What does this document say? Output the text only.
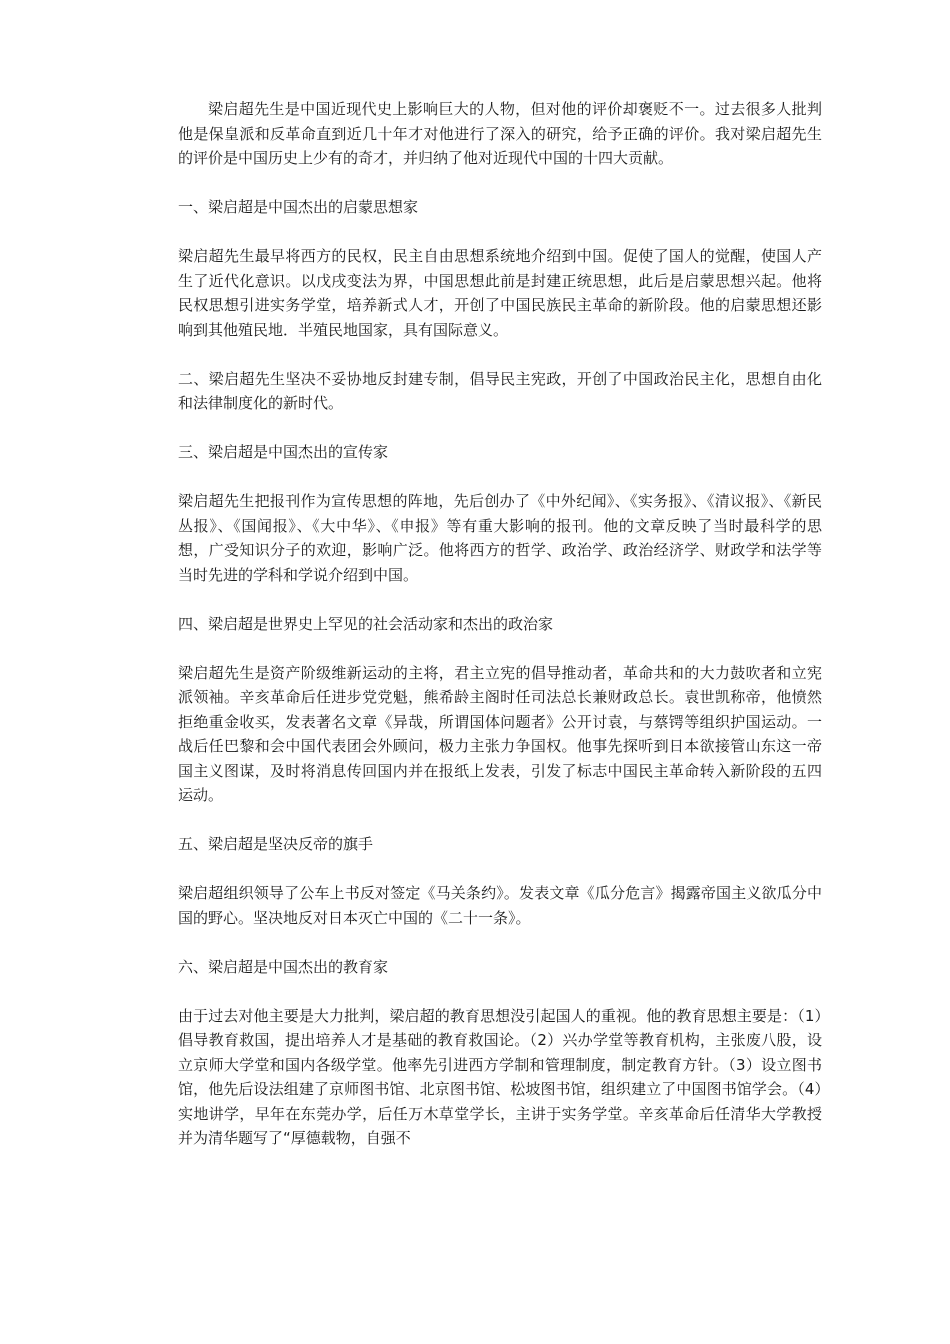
梁启超先生是中国近现代史上影响巨大的人物，但对他的评价却褒贬不一。过去很多人批判他是保皇派和反革命直到近几十年才对他进行了深入的研究，给予正确的评价。我对梁启超先生的评价是中国历史上少有的奇才，并归纳了他对近现代中国的十四大贡献。

一、梁启超是中国杰出的启蒙思想家

梁启超先生最早将西方的民权，民主自由思想系统地介绍到中国。促使了国人的觉醒，使国人产生了近代化意识。以戊戌变法为界，中国思想此前是封建正统思想，此后是启蒙思想兴起。他将民权思想引进实务学堂，培养新式人才，开创了中国民族民主革命的新阶段。他的启蒙思想还影响到其他殖民地．半殖民地国家，具有国际意义。

二、梁启超先生坚决不妥协地反封建专制，倡导民主宪政，开创了中国政治民主化，思想自由化和法律制度化的新时代。

三、梁启超是中国杰出的宣传家

梁启超先生把报刊作为宣传思想的阵地，先后创办了《中外纪闻》、《实务报》、《清议报》、《新民丛报》、《国闻报》、《大中华》、《申报》等有重大影响的报刊。他的文章反映了当时最科学的思想，广受知识分子的欢迎，影响广泛。他将西方的哲学、政治学、政治经济学、财政学和法学等当时先进的学科和学说介绍到中国。

四、梁启超是世界史上罕见的社会活动家和杰出的政治家

梁启超先生是资产阶级维新运动的主将，君主立宪的倡导推动者，革命共和的大力鼓吹者和立宪派领袖。辛亥革命后任进步党党魁，熊希龄主阁时任司法总长兼财政总长。袁世凯称帝，他愤然拒绝重金收买，发表著名文章《异哉，所谓国体问题者》公开讨袁，与蔡锷等组织护国运动。一战后任巴黎和会中国代表团会外顾问，极力主张力争国权。他事先探听到日本欲接管山东这一帝国主义图谋，及时将消息传回国内并在报纸上发表，引发了标志中国民主革命转入新阶段的五四运动。

五、梁启超是坚决反帝的旗手

梁启超组织领导了公车上书反对签定《马关条约》。发表文章《瓜分危言》揭露帝国主义欲瓜分中国的野心。坚决地反对日本灭亡中国的《二十一条》。

六、梁启超是中国杰出的教育家

由于过去对他主要是大力批判，梁启超的教育思想没引起国人的重视。他的教育思想主要是：（1）倡导教育救国，提出培养人才是基础的教育救国论。（2）兴办学堂等教育机构，主张废八股，设立京师大学堂和国内各级学堂。他率先引进西方学制和管理制度，制定教育方针。（3）设立图书馆，他先后设法组建了京师图书馆、北京图书馆、松坡图书馆，组织建立了中国图书馆学会。（4）实地讲学，早年在东莞办学，后任万木草堂学长，主讲于实务学堂。辛亥革命后任清华大学教授并为清华题写了“厚德载物，自强不
